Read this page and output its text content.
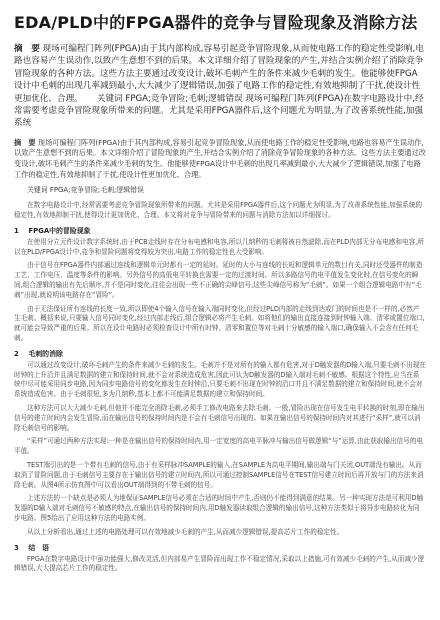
EDA/PLD中的FPGA器件的竞争与冒险现象及消除方法
摘　要 现场可编程门阵列(FPGA)由于其内部构成,容易引起竞争冒险现象,从而使电路工作的稳定性受影响,电路也容易产生误动作,以致产生意想不到的后果。本文详细介绍了冒险现象的产生,并结合实例介绍了消除竞争冒险现象的各种方法。这些方法主要通过改变设计,破坏毛刺产生的条件来减少毛刺的发生。他能够使FPGA设计中毛刺的出现几率减到最小,大大减少了逻辑错误,加强了电路工作的稳定性,有效地抑制了干扰,使设计性更加优化、合理。 　 关键词 FPGA;竞争冒险;毛刺;逻辑错误 现场可编程门阵列(FPGA)在数字电路设计中,经常需要考虑竞争冒险现象所带来的问题。尤其是采用FPGA器件后,这个问题尤为明显,为了改善系统性能,加强系统
摘　要 现场可编程门阵列(FPGA)由于其内部构成,容易引起竞争冒险现象,从而使电路工作的稳定性受影响,电路也容易产生误动作,以致产生意想不到的后果。本文详细介绍了冒险现象的产生,并结合实例介绍了消除竞争冒险现象的各种方法。这些方法主要通过改变设计,破坏毛刺产生的条件来减少毛刺的发生。他能够使FPGA设计中毛刺的出现几率减到最小,大大减少了逻辑错误,加强了电路工作的稳定性,有效地抑制了干扰,使设计性更加优化、合理。
关键词 FPGA;竞争冒险;毛刺;逻辑错误

在数字电路设计中,经常需要考虑竞争冒险现象所带来的问题。尤其是采用FPGA器件后,这个问题尤为明显,为了改善系统性能,加强系统的稳定性,有效地抑制干扰,使得设计更加优化、合理。本文将对竞争与冒险带来的问题与消除方法加以详细探讨。

1 FPGA中的冒险现象

在使用分立元件设计数字系统时,由于PCB走线时存在分布电感和电容,所以几纳秒的毛刺将被自然滤除,而在PLD内部无分布电感和电容,所以在PLD/FPGA设计中,竞争和冒险问题将变得较为突出,电路工作的稳定性也大受影响。

由于信号在FPGA器件内部通过连线和逻辑单元时都有一定的延时。延时的大小与连线的长短和逻辑单元的数目有关,同时还受器件的制造工艺、工作电压、温度等条件的影响。另外信号的高低电平转换也需要一定的过渡时间。所以多路信号的电平值发生变化时,在信号变化的瞬间,组合逻辑的输出有先后顺序,并不是同时变化,往往会出现一些不正确的尖峰信号,这些尖峰信号称为“毛刺”。如果一个组合逻辑电路中有“毛刺”出现,就说明该电路存在“冒险”。

由于无法保证所有连线的长度一致,所以即使4个输入信号在输入端同时变化,但经过PLD内部的走线到达或门的时间也是不一样的,必然产生毛刺。概括来说,只要输入信号同时变化,经过内部走线后,组合逻辑必将产生毛刺。如将他们的输出直接连接到时钟输入端、清零或置位端口,就可能会导致严重的后果。所以在设计电路时必须检查设计中所有时钟、清零和置位等对毛刺十分敏感的输入端口,确保输入不会含有任何毛刺。

2 毛刺的消除

可以通过改变设计,破坏毛刺产生的条件来减少毛刺的发生。毛刺并不是对所有的输入都有危害,对于D触发器的D输入端,只要毛刺不出现在时钟的上升沿并且满足数据的建立和保持时间,就不会对系统造成危害,因此可认为D触发器的D输入端对毛刺不敏感。根据这个特性,应当在系统中尽可能采用同步电路,因为同步电路信号的变化都发生在时钟沿,只要毛刺不出现在时钟的沿口并且不满足数据的建立和保持时间,就不会对系统造成危害。由于毛刺很短,多为几纳秒,基本上都不可能满足数据的建立和保持时间。

这种方法可以大大减少毛刺,但他并不能完全消除毛刺,必须手工修改电路来去除毛刺。一般,冒险出现在信号发生电平转换的时刻,即在输出信号的建立时间内会发生冒险,而在输出信号的保持时间内是不会有毛刺信号出现的。如果在输出信号的保持时间内对其进行“采样”,就可以消除毛刺信号的影响。

“采样”可通过两种方法实现:一种是在输出信号的保持时间内,用一定宽度的高电平脉冲与输出信号做逻辑“与”运算,由此获取输出信号的电平值。

TEST端引出的是一个带有毛刺的信号,由于有采样脉冲SAMPLE的输入,在SAMPLE为高电平期间,输出端与门关闭,OUT端没有输出。从而取消了冒险问题,由于毛刺信号主要存在于输出信号的建立时间内,所以可通过控制SAMPLE信号在TEST信号建立时间后再开放与门的方法来消除毛刺。从图4所示仿真图中可以看出OUT端得到的不带毛刺的信号。

上述方法的一个缺点是必须人为地保证SAMPLE信号必须在合适的时间中产生,否则仍不能得到满意的结果。另一种实现方法是可利用D触发器的D输入端对毛刺信号不敏感的特点,在输出信号的保持时间内,用D触发器读取组合逻辑的输出信号,这种方法类似于将异步电路转化为同步电路。图5给出了应用这种方法的电路实例。

从以上分析看出,通过上述的电路处理可以有效地减少毛刺的产生,从而减少逻辑错误,提高芯片工作的稳定性。

3 结　语

FPGA在数字电路设计中虽功能强大,修改灵活,但内部易产生冒险而出现工作不稳定情况,采取以上措施,可有效减少毛刺的产生,从而减少逻辑错误,大大提高芯片工作的稳定性。
